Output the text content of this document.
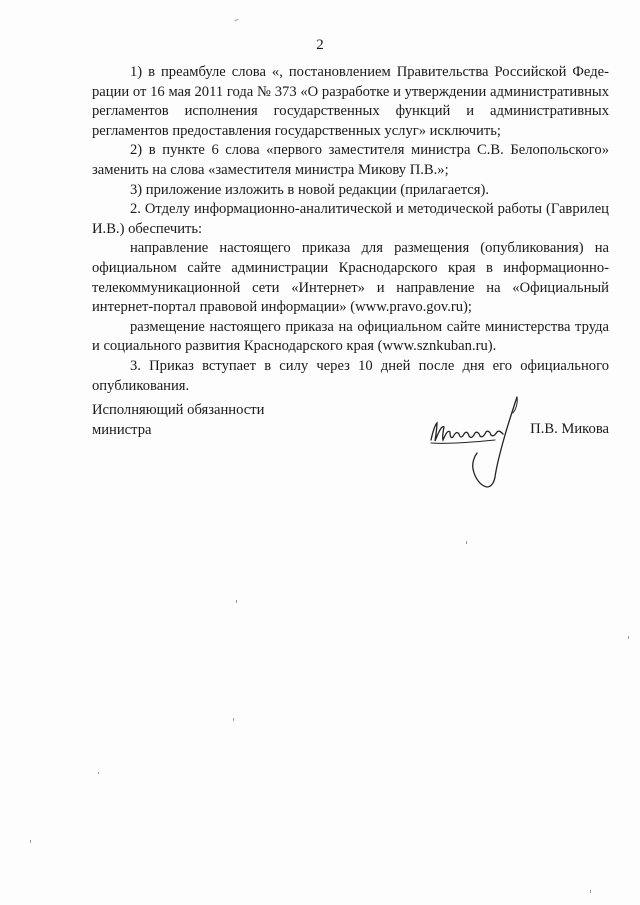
2

1) в преамбуле слова «, постановлением Правительства Российской Федерации от 16 мая 2011 года № 373 «О разработке и утверждении административных регламентов исполнения государственных функций и административных регламентов предоставления государственных услуг» исключить;

2) в пункте 6 слова «первого заместителя министра С.В. Белопольского» заменить на слова «заместителя министра Микову П.В.»;

3) приложение изложить в новой редакции (прилагается).

2. Отделу информационно-аналитической и методической работы (Гаврилец И.В.) обеспечить:

направление настоящего приказа для размещения (опубликования) на официальном сайте администрации Краснодарского края в информационно-телекоммуникационной сети «Интернет» и направление на «Официальный интернет-портал правовой информации» (www.pravo.gov.ru);

размещение настоящего приказа на официальном сайте министерства труда и социального развития Краснодарского края (www.sznkuban.ru).

3. Приказ вступает в силу через 10 дней после дня его официального опубликования.

Исполняющий обязанности
министра	П.В. Микова
